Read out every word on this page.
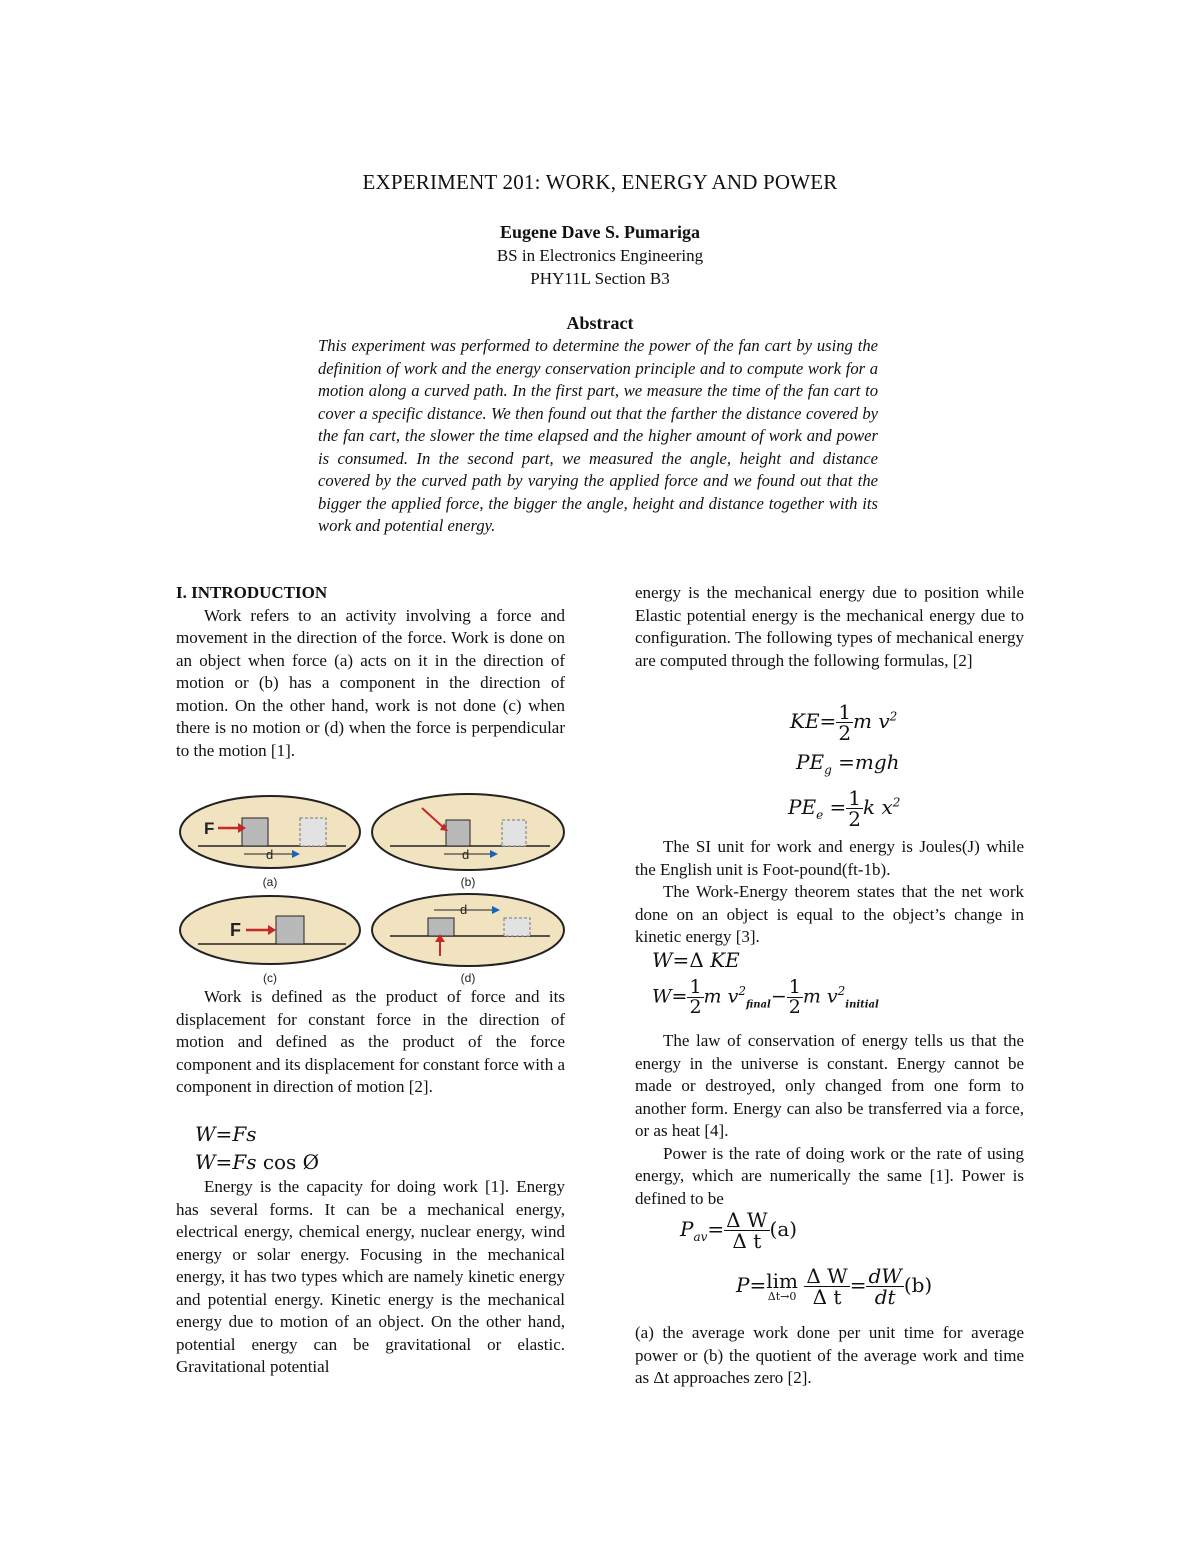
EXPERIMENT 201: WORK, ENERGY AND POWER
Eugene Dave S. Pumariga
BS in Electronics Engineering
PHY11L Section B3
Abstract
This experiment was performed to determine the power of the fan cart by using the definition of work and the energy conservation principle and to compute work for a motion along a curved path. In the first part, we measure the time of the fan cart to cover a specific distance. We then found out that the farther the distance covered by the fan cart, the slower the time elapsed and the higher amount of work and power is consumed. In the second part, we measured the angle, height and distance covered by the curved path by varying the applied force and we found out that the bigger the applied force, the bigger the angle, height and distance together with its work and potential energy.
I. INTRODUCTION

Work refers to an activity involving a force and movement in the direction of the force. Work is done on an object when force (a) acts on it in the direction of motion or (b) has a component in the direction of motion. On the other hand, work is not done (c) when there is no motion or (d) when the force is perpendicular to the motion [1].

F
d
(a)
d
(b)
F
(c)
d
(d)

Work is defined as the product of force and its displacement for constant force in the direction of motion and defined as the product of the force component and its displacement for constant force with a component in direction of motion [2].

W=Fs
W=Fs cos Ø

Energy is the capacity for doing work [1]. Energy has several forms. It can be a mechanical energy, electrical energy, chemical energy, nuclear energy, wind energy or solar energy. Focusing in the mechanical energy, it has two types which are namely kinetic energy and potential energy. Kinetic energy is the mechanical energy due to motion of an object. On the other hand, potential energy can be gravitational or elastic. Gravitational potential

energy is the mechanical energy due to position while Elastic potential energy is the mechanical energy due to configuration. The following types of mechanical energy are computed through the following formulas, [2]

$KE= \frac{1}{2}$ m $v^2$
$PE_g =mgh$
$PE_e = \frac{1}{2}$ k $x^2$

The SI unit for work and energy is Joules(J) while the English unit is Foot-pound(ft-1b).

The Work-Energy theorem states that the net work done on an object is equal to the object’s change in kinetic energy [3].

W=Δ KE
$W= \frac{1}{2}$ m $v^2_{final}- \frac{1}{2}$ m $v^2_{initial}$

The law of conservation of energy tells us that the energy in the universe is constant. Energy cannot be made or destroyed, only changed from one form to another form. Energy can also be transferred via a force, or as heat [4].

Power is the rate of doing work or the rate of using energy, which are numerically the same [1]. Power is defined to be

$P_{av}= \frac{\text{Δ W}}{\text{Δ t}} (a)$
P= lim
Δt→0
$\frac{\text{Δ W}}{\text{Δ t}} = \frac{dW}{dt} (b)$

(a) the average work done per unit time for average power or (b) the quotient of the average work and time as Δt approaches zero [2].
